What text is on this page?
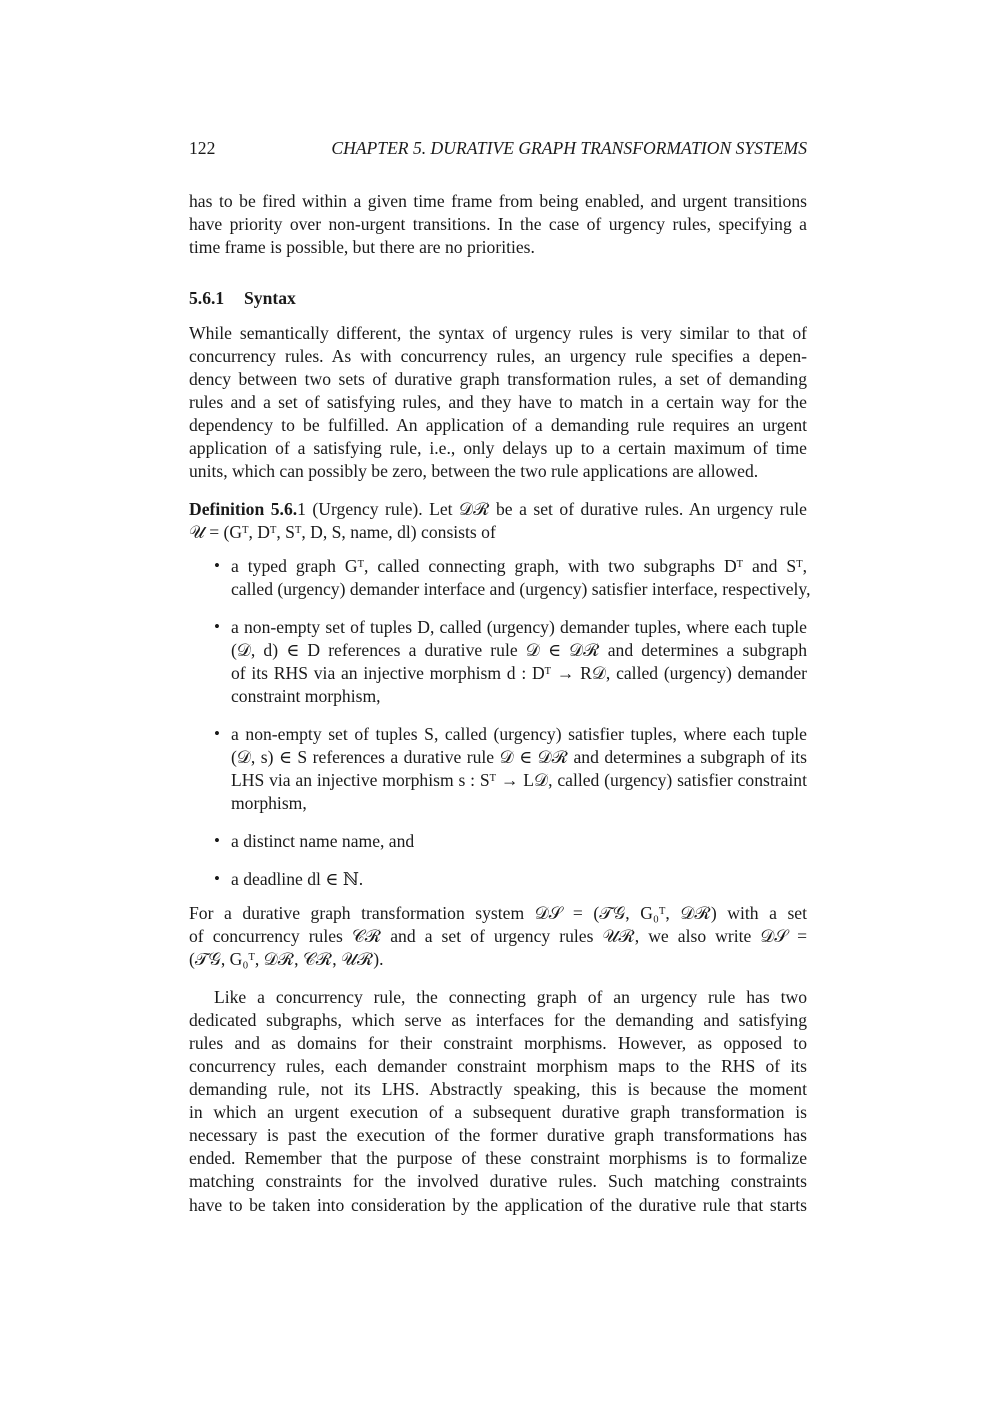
122	CHAPTER 5. DURATIVE GRAPH TRANSFORMATION SYSTEMS
5.6.1 Syntax
has to be fired within a given time frame from being enabled, and urgent transitions
have priority over non-urgent transitions. In the case of urgency rules, specifying a
time frame is possible, but there are no priorities.
While semantically different, the syntax of urgency rules is very similar to that of
concurrency rules. As with concurrency rules, an urgency rule specifies a depen-
dency between two sets of durative graph transformation rules, a set of demanding
rules and a set of satisfying rules, and they have to match in a certain way for the
dependency to be fulfilled. An application of a demanding rule requires an urgent
application of a satisfying rule, i.e., only delays up to a certain maximum of time
units, which can possibly be zero, between the two rule applications are allowed.
Definition 5.6.1 (Urgency rule). Let 𝒟ℛ be a set of durative rules. An urgency rule
𝒰 = (Gᵀ, Dᵀ, Sᵀ, D, S, name, dl) consists of
a typed graph Gᵀ, called connecting graph, with two subgraphs Dᵀ and Sᵀ,
•
called (urgency) demander interface and (urgency) satisfier interface, respectively,
a non-empty set of tuples D, called (urgency) demander tuples, where each tuple
•
(𝒟, d) ∈ D references a durative rule 𝒟 ∈ 𝒟ℛ and determines a subgraph
of its RHS via an injective morphism d : Dᵀ → R𝒟, called (urgency) demander
constraint morphism,
a non-empty set of tuples S, called (urgency) satisfier tuples, where each tuple
•
(𝒟, s) ∈ S references a durative rule 𝒟 ∈ 𝒟ℛ and determines a subgraph of its
LHS via an injective morphism s : Sᵀ → L𝒟, called (urgency) satisfier constraint
morphism,
a distinct name name, and
•
a deadline dl ∈ ℕ.
•
For a durative graph transformation system 𝒟𝒮 = (𝒯𝒢, G₀ᵀ, 𝒟ℛ) with a set
of concurrency rules 𝒞ℛ and a set of urgency rules 𝒰ℛ, we also write 𝒟𝒮 =
(𝒯𝒢, G₀ᵀ, 𝒟ℛ, 𝒞ℛ, 𝒰ℛ).
Like a concurrency rule, the connecting graph of an urgency rule has two
dedicated subgraphs, which serve as interfaces for the demanding and satisfying
rules and as domains for their constraint morphisms. However, as opposed to
concurrency rules, each demander constraint morphism maps to the RHS of its
demanding rule, not its LHS. Abstractly speaking, this is because the moment
in which an urgent execution of a subsequent durative graph transformation is
necessary is past the execution of the former durative graph transformations has
ended. Remember that the purpose of these constraint morphisms is to formalize
matching constraints for the involved durative rules. Such matching constraints
have to be taken into consideration by the application of the durative rule that starts
